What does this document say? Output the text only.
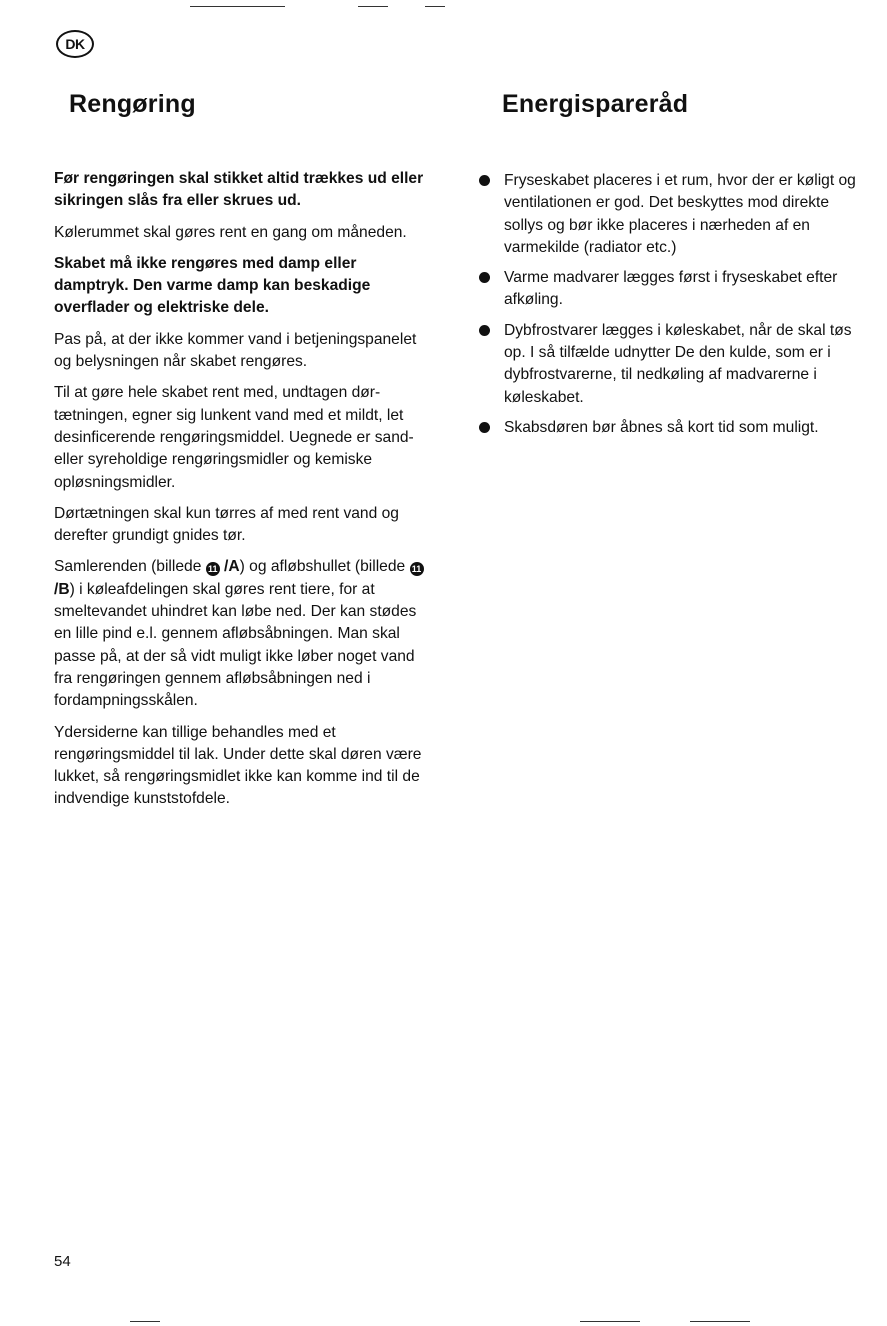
DK
Rengøring	Energispareråd

Før rengøringen skal stikket altid trækkes ud eller sikringen slås fra eller skrues ud.

Kølerummet skal gøres rent en gang om måneden.

Skabet må ikke rengøres med damp eller damptryk. Den varme damp kan beskadige overflader og elektriske dele.

Pas på, at der ikke kommer vand i betjeningspanelet og belysningen når skabet rengøres.

Til at gøre hele skabet rent med, undtagen dørtætningen, egner sig lunkent vand med et mildt, let desinficerende rengøringsmiddel. Uegnede er sand- eller syreholdige rengøringsmidler og kemiske opløsningsmidler.

Dørtætningen skal kun tørres af med rent vand og derefter grundigt gnides tør.

Samlerenden (billede 11 /A) og afløbshullet (billede 11 /B) i køleafdelingen skal gøres rent tiere, for at smeltevandet uhindret kan løbe ned. Der kan stødes en lille pind e.l. gennem afløbsåbningen. Man skal passe på, at der så vidt muligt ikke løber noget vand fra rengøringen gennem afløbsåbningen ned i fordampningsskålen.

Ydersiderne kan tillige behandles med et rengøringsmiddel til lak. Under dette skal døren være lukket, så rengøringsmidlet ikke kan komme ind til de indvendige kunststofdele.

Fryseskabet placeres i et rum, hvor der er køligt og ventilationen er god. Det beskyttes mod direkte sollys og bør ikke placeres i nærheden af en varmekilde (radiator etc.)
Varme madvarer lægges først i fryseskabet efter afkøling.
Dybfrostvarer lægges i køleskabet, når de skal tøs op. I så tilfælde udnytter De den kulde, som er i dybfrostvarerne, til nedkøling af madvarerne i køleskabet.
Skabsdøren bør åbnes så kort tid som muligt.
54
